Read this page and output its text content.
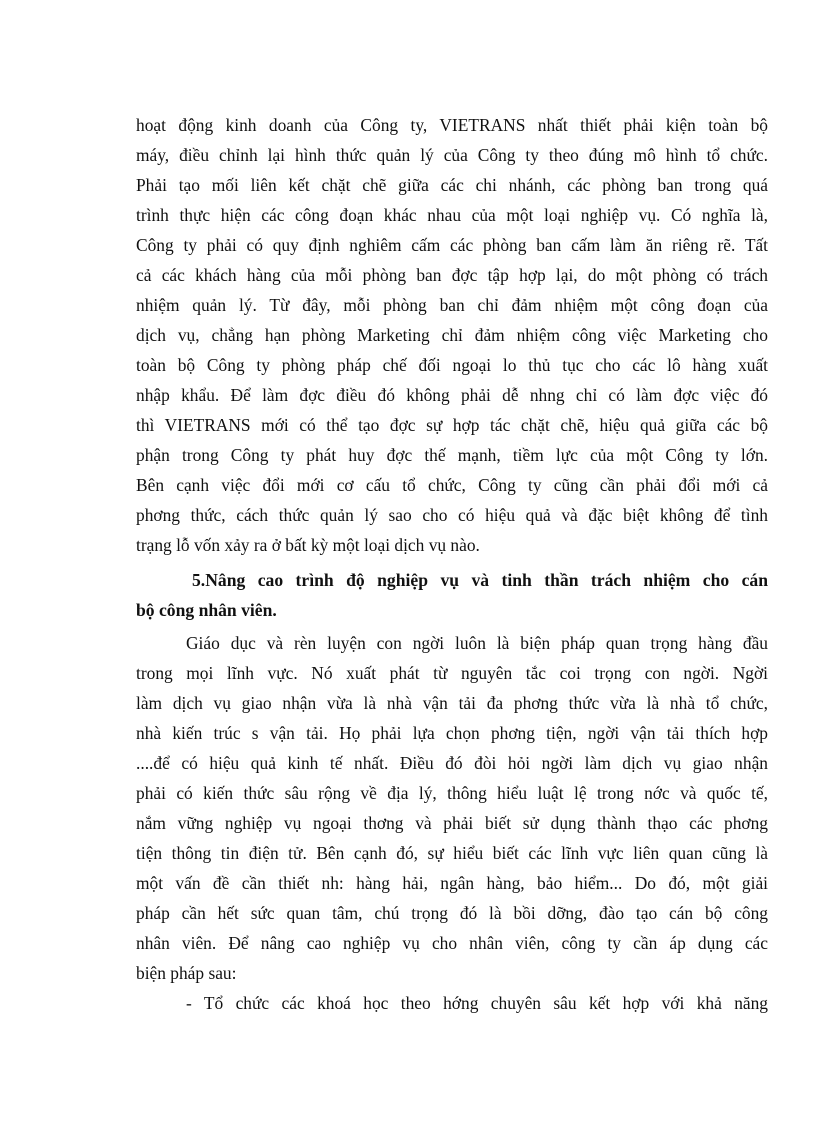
hoạt động kinh doanh của Công ty, VIETRANS nhất thiết phải kiện toàn bộ
máy, điều chỉnh lại hình thức quản lý của Công ty theo đúng mô hình tổ chức.
Phải tạo mối liên kết chặt chẽ giữa các chi nhánh, các phòng ban trong quá
trình thực hiện các công đoạn khác nhau của một loại nghiệp vụ. Có nghĩa là,
Công ty phải có quy định nghiêm cấm các phòng ban cấm làm ăn riêng rẽ. Tất
cả các khách hàng của mỗi phòng ban đợc tập hợp lại, do một phòng có trách
nhiệm quản lý. Từ đây, mỗi phòng ban chỉ đảm nhiệm một công đoạn của
dịch vụ, chẳng hạn phòng Marketing chỉ đảm nhiệm công việc Marketing cho
toàn bộ Công ty phòng pháp chế đối ngoại lo thủ tục cho các lô hàng xuất
nhập khẩu. Để làm đợc điều đó không phải dễ nhng chỉ có làm đợc việc đó
thì VIETRANS mới có thể tạo đợc sự hợp tác chặt chẽ, hiệu quả giữa các bộ
phận trong Công ty phát huy đợc thế mạnh, tiềm lực của một Công ty lớn.
Bên cạnh việc đổi mới cơ cấu tổ chức, Công ty cũng cần phải đổi mới cả
phơng thức, cách thức quản lý sao cho có hiệu quả và đặc biệt không để tình
trạng lỗ vốn xảy ra ở bất kỳ một loại dịch vụ nào.
5.Nâng cao trình độ nghiệp vụ và tinh thần trách nhiệm cho cán
bộ công nhân viên.
Giáo dục và rèn luyện con ngời luôn là biện pháp quan trọng hàng đầu
trong mọi lĩnh vực. Nó xuất phát từ nguyên tắc coi trọng con ngời. Ngời
làm dịch vụ giao nhận vừa là nhà vận tải đa phơng thức vừa là nhà tổ chức,
nhà kiến trúc s vận tải. Họ phải lựa chọn phơng tiện, ngời vận tải thích hợp
....để có hiệu quả kinh tế nhất. Điều đó đòi hỏi ngời làm dịch vụ giao nhận
phải có kiến thức sâu rộng về địa lý, thông hiểu luật lệ trong nớc và quốc tế,
nắm vững nghiệp vụ ngoại thơng và phải biết sử dụng thành thạo các phơng
tiện thông tin điện tử. Bên cạnh đó, sự hiểu biết các lĩnh vực liên quan cũng là
một vấn đề cần thiết nh: hàng hải, ngân hàng, bảo hiểm... Do đó, một giải
pháp cần hết sức quan tâm, chú trọng đó là bồi dỡng, đào tạo cán bộ công
nhân viên. Để nâng cao nghiệp vụ cho nhân viên, công ty cần áp dụng các
biện pháp sau:
- Tổ chức các khoá học theo hớng chuyên sâu kết hợp với khả năng
